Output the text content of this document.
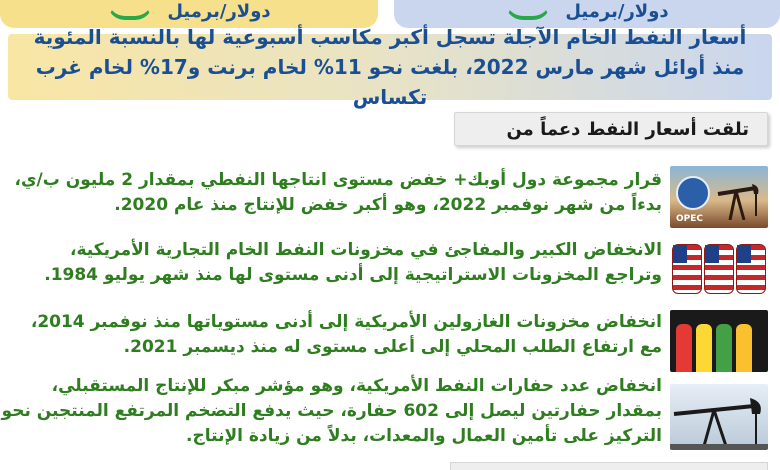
دولار/برميل	دولار/برميل
أسعار النفط الخام الآجلة تسجل أكبر مكاسب أسبوعية لها بالنسبة المئوية
منذ أوائل شهر مارس 2022، بلغت نحو 11% لخام برنت و17% لخام غرب تكساس
تلقت أسعار النفط دعماً من
قرار مجموعة دول أوبك+ خفض مستوى انتاجها النفطي بمقدار 2 مليون ب/ي،
بدءاً من شهر نوفمبر 2022، وهو أكبر خفض للإنتاج منذ عام 2020.
OPEC
الانخفاض الكبير والمفاجئ في مخزونات النفط الخام التجارية الأمريكية،
وتراجع المخزونات الاستراتيجية إلى أدنى مستوى لها منذ شهر يوليو 1984.
انخفاض مخزونات الغازولين الأمريكية إلى أدنى مستوياتها منذ نوفمبر 2014،
مع ارتفاع الطلب المحلي إلى أعلى مستوى له منذ ديسمبر 2021.
انخفاض عدد حفارات النفط الأمريكية، وهو مؤشر مبكر للإنتاج المستقبلي،
بمقدار حفارتين ليصل إلى 602 حفارة، حيث يدفع التضخم المرتفع المنتجين نحو
التركيز على تأمين العمال والمعدات، بدلاً من زيادة الإنتاج.
